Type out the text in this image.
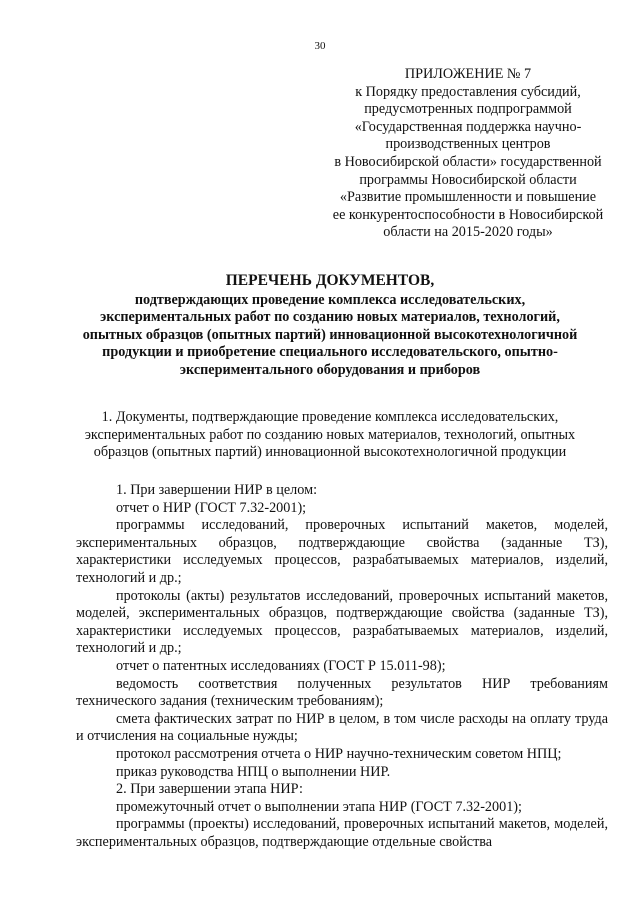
30
ПРИЛОЖЕНИЕ № 7
к Порядку предоставления субсидий,
предусмотренных подпрограммой
«Государственная поддержка научно-
производственных центров
в Новосибирской области» государственной
программы Новосибирской области
«Развитие промышленности и повышение
ее конкурентоспособности в Новосибирской
области на 2015-2020 годы»
ПЕРЕЧЕНЬ ДОКУМЕНТОВ,
подтверждающих проведение комплекса исследовательских,
экспериментальных работ по созданию новых материалов, технологий,
опытных образцов (опытных партий) инновационной высокотехнологичной
продукции и приобретение специального исследовательского, опытно-
экспериментального оборудования и приборов
1. Документы, подтверждающие проведение комплекса исследовательских,
экспериментальных работ по созданию новых материалов, технологий, опытных
образцов (опытных партий) инновационной высокотехнологичной продукции

1. При завершении НИР в целом:

отчет о НИР (ГОСТ 7.32-2001);

программы исследований, проверочных испытаний макетов, моделей, экспериментальных образцов, подтверждающие свойства (заданные ТЗ), характеристики исследуемых процессов, разрабатываемых материалов, изделий, технологий и др.;

протоколы (акты) результатов исследований, проверочных испытаний макетов, моделей, экспериментальных образцов, подтверждающие свойства (заданные ТЗ), характеристики исследуемых процессов, разрабатываемых материалов, изделий, технологий и др.;

отчет о патентных исследованиях (ГОСТ Р 15.011-98);

ведомость соответствия полученных результатов НИР требованиям технического задания (техническим требованиям);

смета фактических затрат по НИР в целом, в том числе расходы на оплату труда и отчисления на социальные нужды;

протокол рассмотрения отчета о НИР научно-техническим советом НПЦ;

приказ руководства НПЦ о выполнении НИР.

2. При завершении этапа НИР:

промежуточный отчет о выполнении этапа НИР (ГОСТ 7.32-2001);

программы (проекты) исследований, проверочных испытаний макетов, моделей, экспериментальных образцов, подтверждающие отдельные свойства
